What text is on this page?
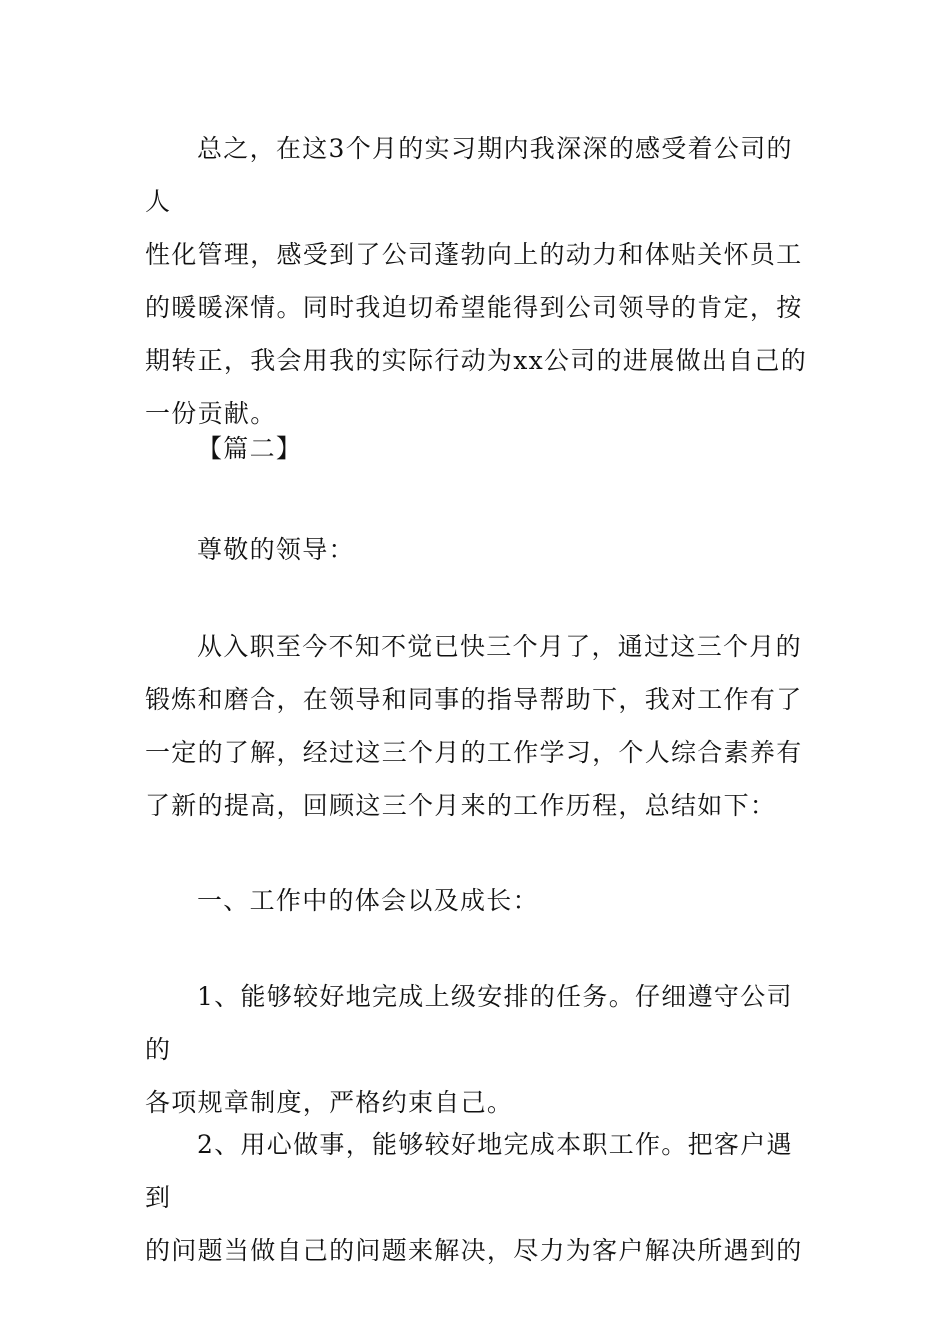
总之，在这3个月的实习期内我深深的感受着公司的人
性化管理，感受到了公司蓬勃向上的动力和体贴关怀员工
的暖暖深情。同时我迫切希望能得到公司领导的肯定，按
期转正，我会用我的实际行动为xx公司的进展做出自己的
一份贡献。

【篇二】

尊敬的领导：

从入职至今不知不觉已快三个月了，通过这三个月的
锻炼和磨合，在领导和同事的指导帮助下，我对工作有了
一定的了解，经过这三个月的工作学习，个人综合素养有
了新的提高，回顾这三个月来的工作历程，总结如下：

一、工作中的体会以及成长：

1、能够较好地完成上级安排的任务。仔细遵守公司的
各项规章制度，严格约束自己。

2、用心做事，能够较好地完成本职工作。把客户遇到
的问题当做自己的问题来解决，尽力为客户解决所遇到的
